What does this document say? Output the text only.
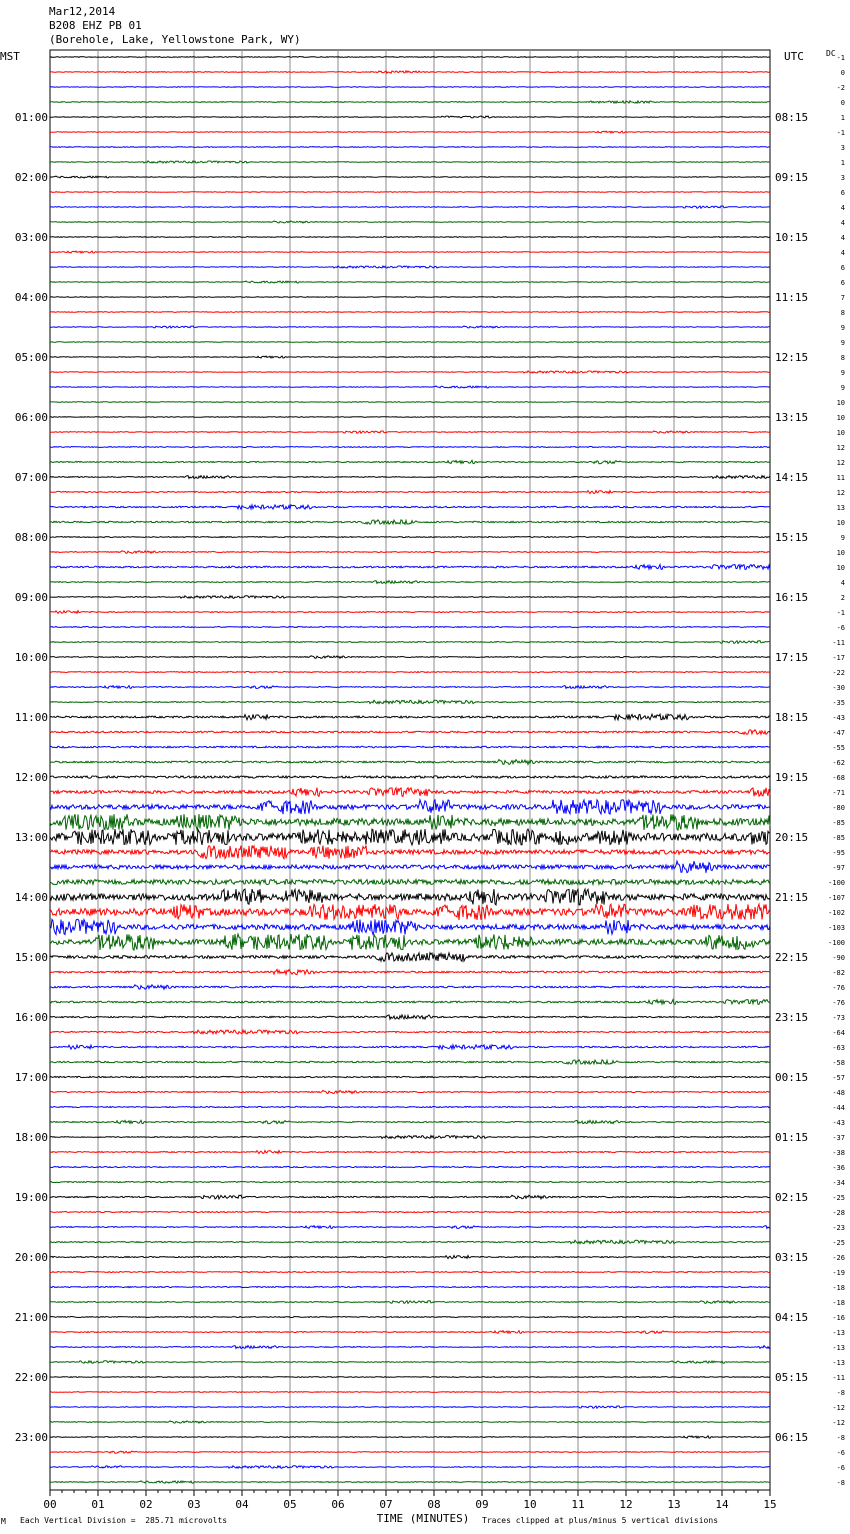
Mar12,2014
B208 EHZ PB 01
(Borehole, Lake, Yellowstone Park, WY)
MST	UTC
00	01	02	03	04	05	06	07	08	09	10	11	12	13	14	15
01:00
02:00
03:00
04:00
05:00
06:00
07:00
08:00
09:00
10:00
11:00
12:00
13:00
14:00
15:00
16:00
17:00
18:00
19:00
20:00
21:00
22:00
23:00
08:15
09:15
10:15
11:15
12:15
13:15
14:15
15:15
16:15
17:15
18:15
19:15
20:15
21:15
22:15
23:15
00:15
01:15
02:15
03:15
04:15
05:15
06:15
-1
0
-2
0
1
-1
3
1
3
6
4
4
4
4
6
6
7
8
9
9
8
9
9
10
10
10
12
12
11
12
13
10
9
10
10
4
2
-1
-6
-11
-17
-22
-30
-35
-43
-47
-55
-62
-68
-71
-80
-85
-85
-95
-97
-100
-107
-102
-103
-100
-90
-82
-76
-76
-73
-64
-63
-58
-57
-48
-44
-43
-37
-38
-36
-34
-25
-28
-23
-25
-26
-19
-18
-18
-16
-13
-13
-13
-11
-8
-12
-12
-8
-6
-6
-8
DC
TIME (MINUTES)
M Each Vertical Division =  285.71 microvolts	Traces clipped at plus/minus 5 vertical divisions
